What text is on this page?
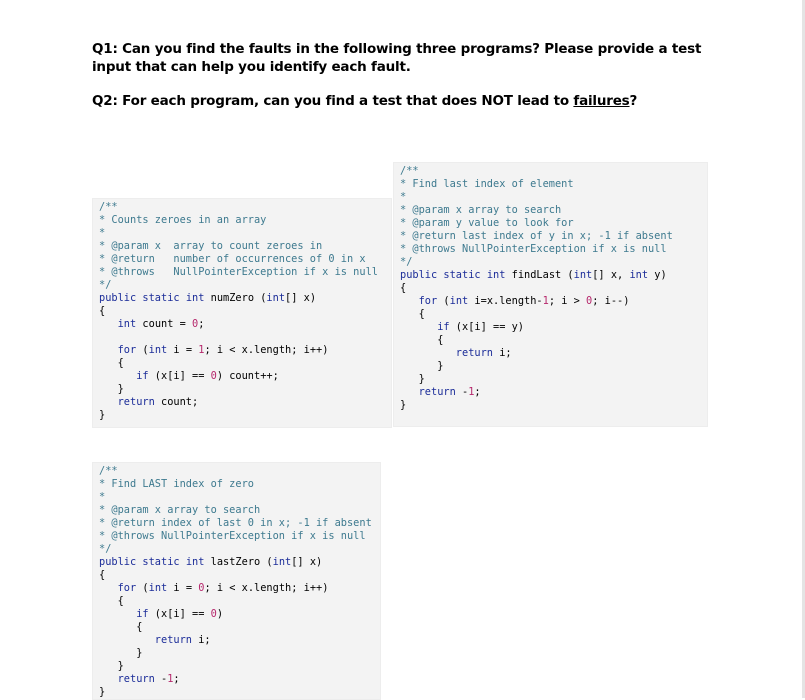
Q1: Can you find the faults in the following three programs? Please provide a test input that can help you identify each fault.
Q2: For each program, can you find a test that does NOT lead to failures?
/**
* Counts zeroes in an array
*
* @param x  array to count zeroes in
* @return   number of occurrences of 0 in x
* @throws   NullPointerException if x is null
*/
public static int numZero (int[] x)
{
int count = 0;
for (int i = 1; i < x.length; i++)
{
if (x[i] == 0) count++;
}
return count;
}
/**
* Find last index of element
*
* @param x array to search
* @param y value to look for
* @return last index of y in x; -1 if absent
* @throws NullPointerException if x is null
*/
public static int findLast (int[] x, int y)
{
for (int i=x.length-1; i > 0; i--)
{
if (x[i] == y)
{
return i;
}
}
return -1;
}
/**
* Find LAST index of zero
*
* @param x array to search
* @return index of last 0 in x; -1 if absent
* @throws NullPointerException if x is null
*/
public static int lastZero (int[] x)
{
for (int i = 0; i < x.length; i++)
{
if (x[i] == 0)
{
return i;
}
}
return -1;
}
